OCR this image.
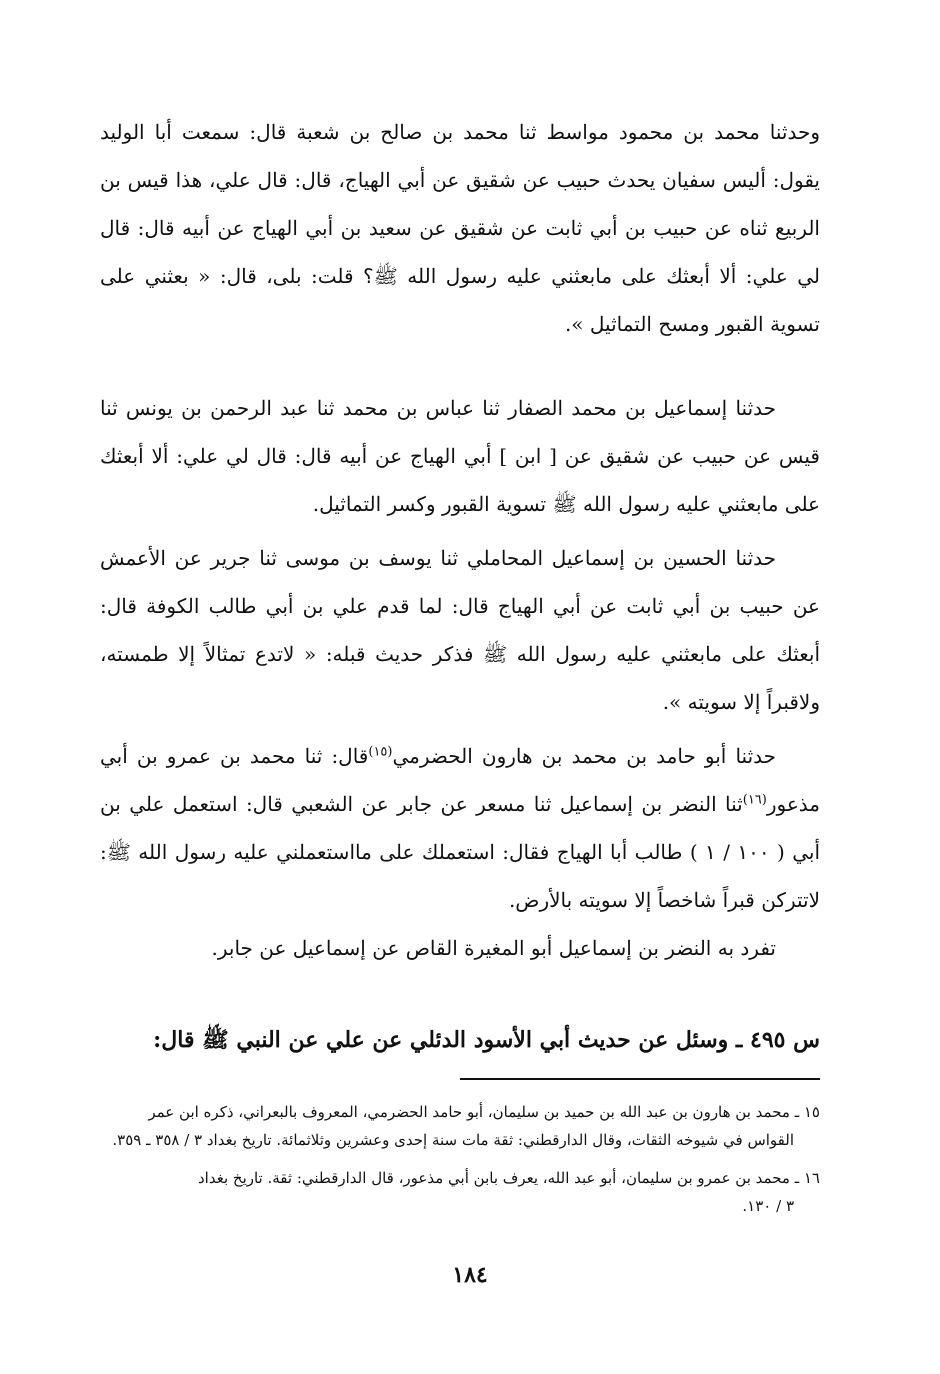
وحدثنا محمد بن محمود مواسط ثنا محمد بن صالح بن شعبة قال: سمعت أبا الوليد يقول: أليس سفيان يحدث حبيب عن شقيق عن أبي الهياج، قال: قال علي، هذا قيس بن الربيع ثناه عن حبيب بن أبي ثابت عن شقيق عن سعيد بن أبي الهياج عن أبيه قال: قال لي علي: ألا أبعثك على مابعثني عليه رسول الله ﷺ؟ قلت: بلى، قال: « بعثني على تسوية القبور ومسح التماثيل ».

حدثنا إسماعيل بن محمد الصفار ثنا عباس بن محمد ثنا عبد الرحمن بن يونس ثنا قيس عن حبيب عن شقيق عن [ ابن ] أبي الهياج عن أبيه قال: قال لي علي: ألا أبعثك على مابعثني عليه رسول الله ﷺ تسوية القبور وكسر التماثيل.

حدثنا الحسين بن إسماعيل المحاملي ثنا يوسف بن موسى ثنا جرير عن الأعمش عن حبيب بن أبي ثابت عن أبي الهياج قال: لما قدم علي بن أبي طالب الكوفة قال: أبعثك على مابعثني عليه رسول الله ﷺ فذكر حديث قبله: « لاتدع تمثالاً إلا طمسته، ولاقبراً إلا سويته ».

حدثنا أبو حامد بن محمد بن هارون الحضرمي$^{(١٥)}$قال: ثنا محمد بن عمرو بن أبي مذعور$^{(١٦)}$ثنا النضر بن إسماعيل ثنا مسعر عن جابر عن الشعبي قال: استعمل علي بن أبي ( ١٠٠ / ١ ) طالب أبا الهياج فقال: استعملك على مااستعملني عليه رسول الله ﷺ: لاتتركن قبراً شاخصاً إلا سويته بالأرض.

تفرد به النضر بن إسماعيل أبو المغيرة القاص عن إسماعيل عن جابر.

س ٤٩٥ ـ وسئل عن حديث أبي الأسود الدئلي عن علي عن النبي ﷺ قال:

١٥ ـ محمد بن هارون بن عبد الله بن حميد بن سليمان، أبو حامد الحضرمي، المعروف بالبعراني، ذكره ابن عمر
القواس في شيوخه الثقات، وقال الدارقطني: ثقة مات سنة إحدى وعشرين وثلاثمائة. تاريخ بغداد ٣ / ٣٥٨ ـ ٣٥٩.

١٦ ـ محمد بن عمرو بن سليمان، أبو عبد الله، يعرف بابن أبي مذعور، قال الدارقطني: ثقة. تاريخ بغداد
٣ / ١٣٠.

١٨٤
